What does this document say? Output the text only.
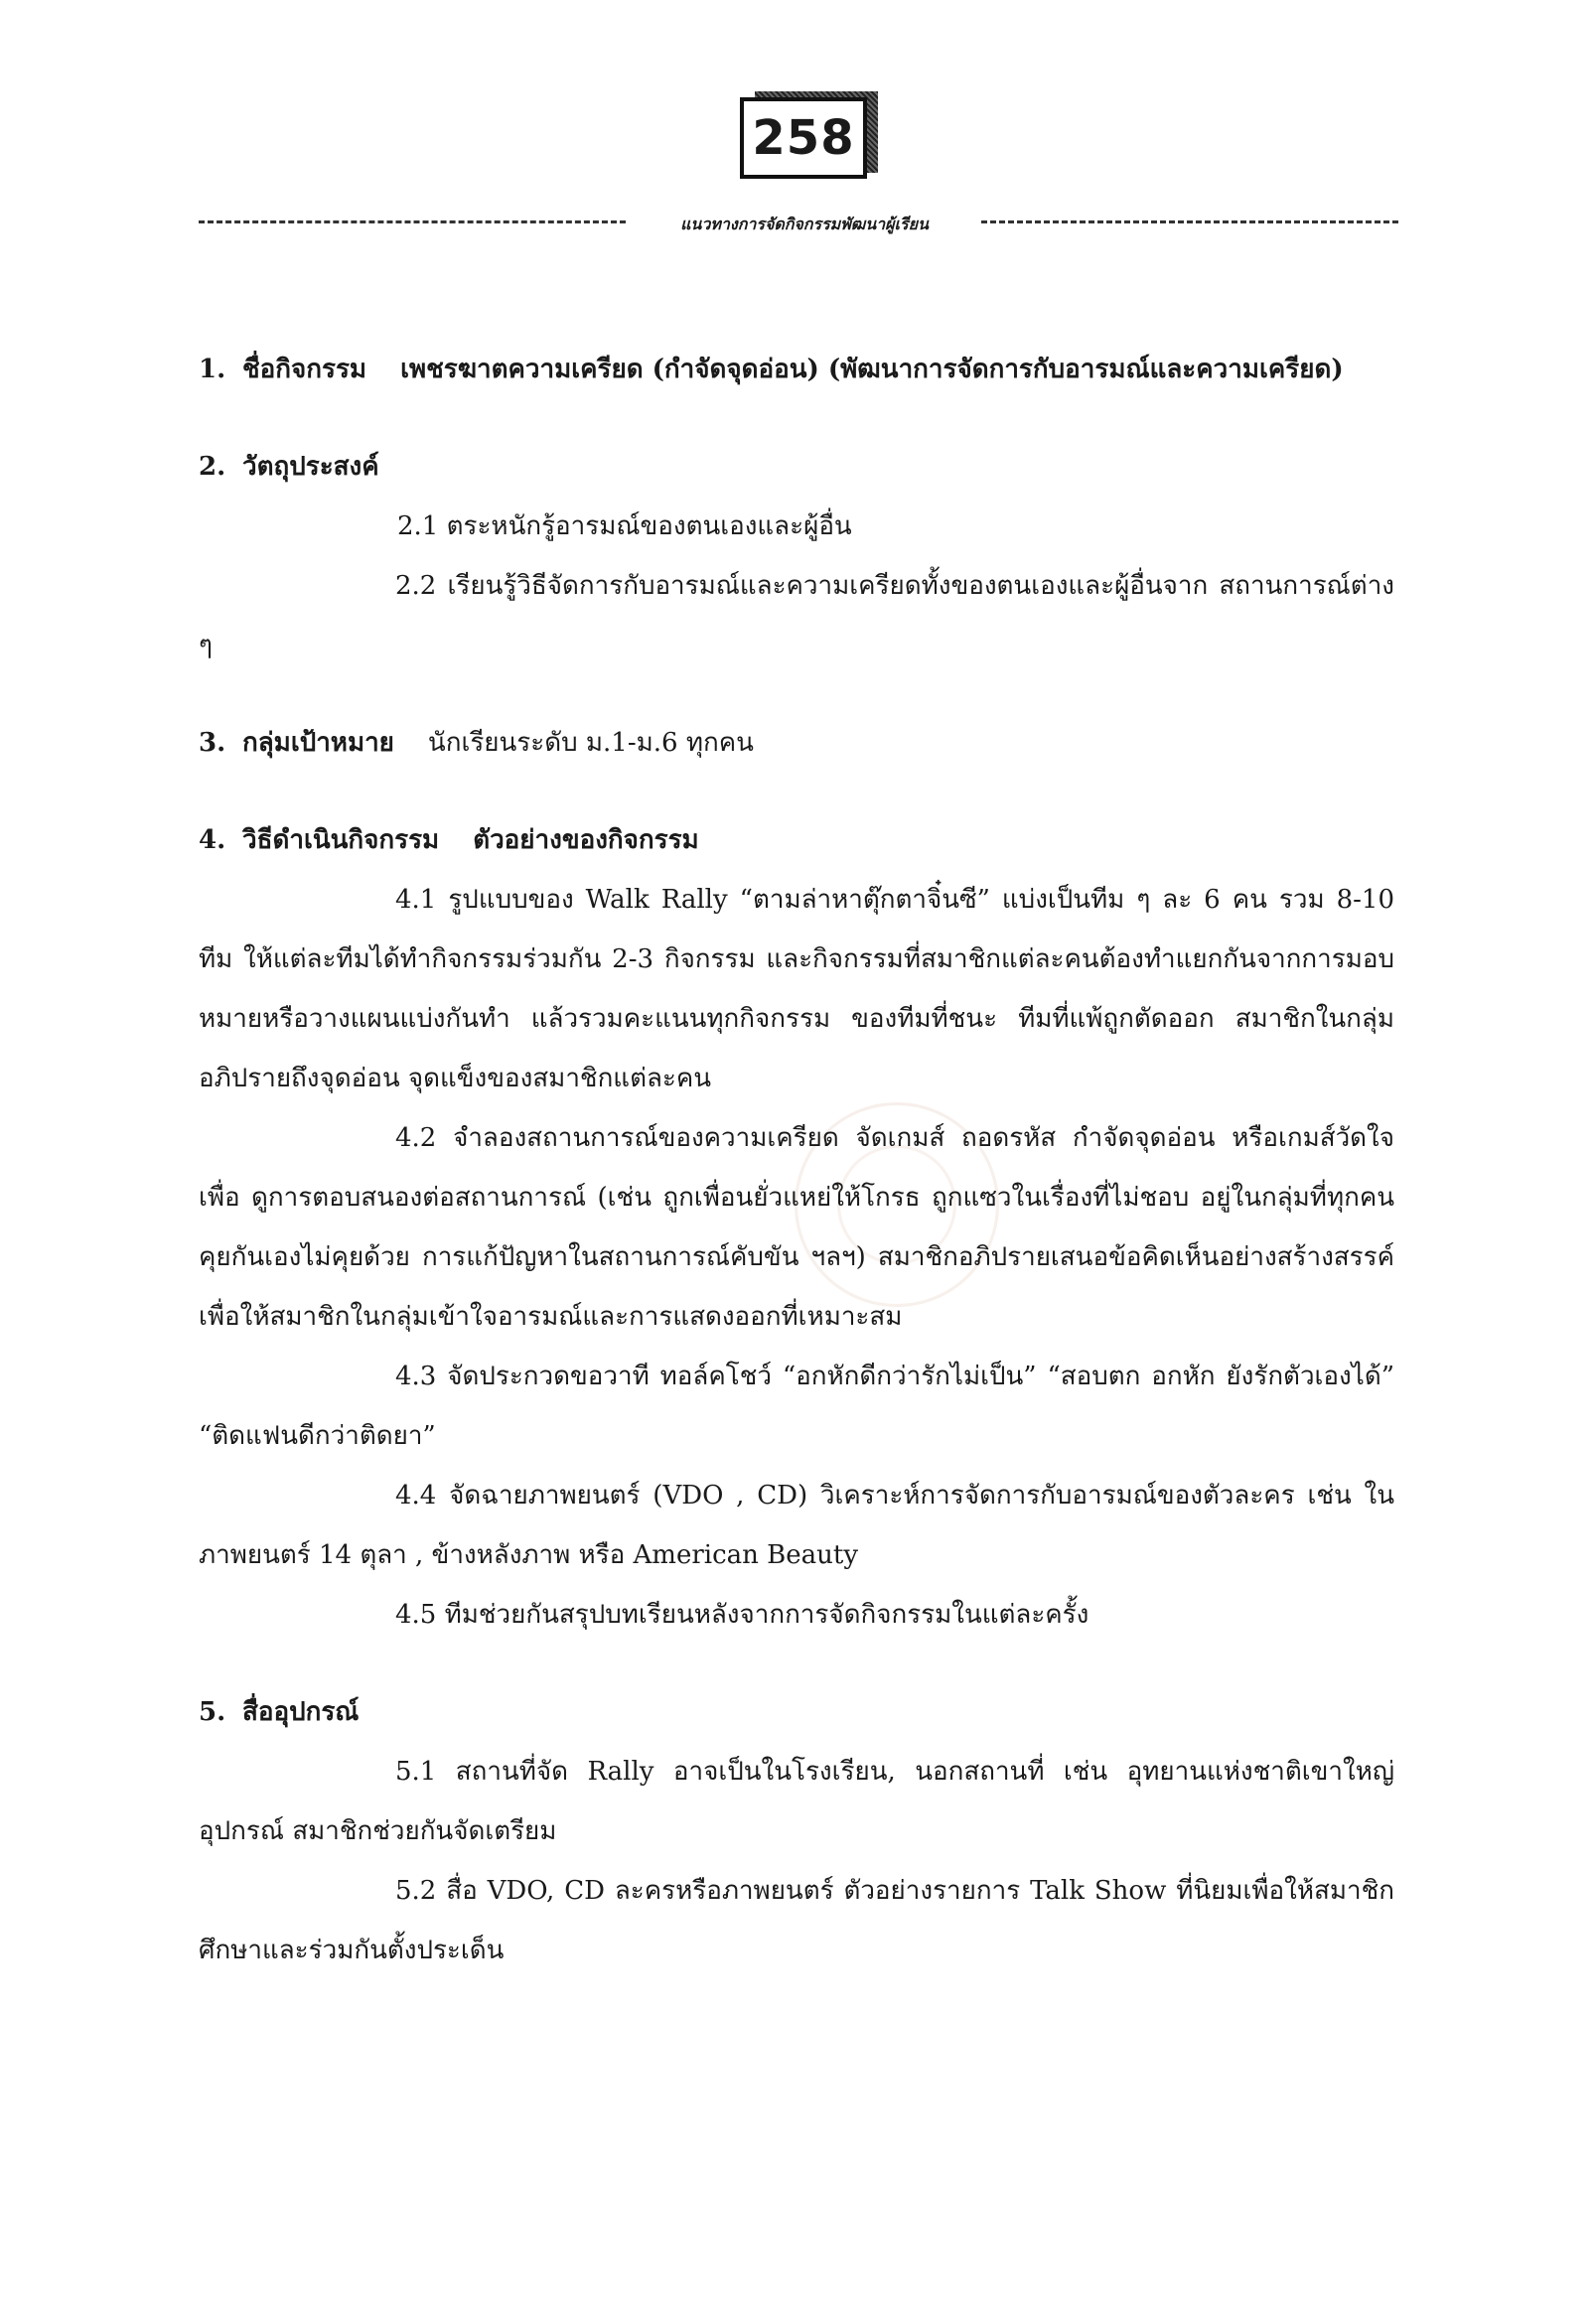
258
แนวทางการจัดกิจกรรมพัฒนาผู้เรียน

1. ชื่อกิจกรรม เพชรฆาตความเครียด (กำจัดจุดอ่อน) (พัฒนาการจัดการกับอารมณ์และความเครียด)

2. วัตถุประสงค์

2.1 ตระหนักรู้อารมณ์ของตนเองและผู้อื่น

2.2 เรียนรู้วิธีจัดการกับอารมณ์และความเครียดทั้งของตนเองและผู้อื่นจาก สถานการณ์ต่าง ๆ

3. กลุ่มเป้าหมาย นักเรียนระดับ ม.1-ม.6 ทุกคน

4. วิธีดำเนินกิจกรรม ตัวอย่างของกิจกรรม

4.1 รูปแบบของ Walk Rally “ตามล่าหาตุ๊กตาจิ๋นซี” แบ่งเป็นทีม ๆ ละ 6 คน รวม 8-10 ทีม ให้แต่ละทีมได้ทำกิจกรรมร่วมกัน 2-3 กิจกรรม และกิจกรรมที่สมาชิกแต่ละคนต้องทำแยกกันจากการมอบหมายหรือวางแผนแบ่งกันทำ แล้วรวมคะแนนทุกกิจกรรม ของทีมที่ชนะ ทีมที่แพ้ถูกตัดออก สมาชิกในกลุ่มอภิปรายถึงจุดอ่อน จุดแข็งของสมาชิกแต่ละคน

4.2 จำลองสถานการณ์ของความเครียด จัดเกมส์ ถอดรหัส กำจัดจุดอ่อน หรือเกมส์วัดใจ เพื่อ ดูการตอบสนองต่อสถานการณ์ (เช่น ถูกเพื่อนยั่วแหย่ให้โกรธ ถูกแซวในเรื่องที่ไม่ชอบ อยู่ในกลุ่มที่ทุกคนคุยกันเองไม่คุยด้วย การแก้ปัญหาในสถานการณ์คับขัน ฯลฯ) สมาชิกอภิปรายเสนอข้อคิดเห็นอย่างสร้างสรรค์ เพื่อให้สมาชิกในกลุ่มเข้าใจอารมณ์และการแสดงออกที่เหมาะสม

4.3 จัดประกวดขอวาที ทอล์คโชว์ “อกหักดีกว่ารักไม่เป็น” “สอบตก อกหัก ยังรักตัวเองได้” “ติดแฟนดีกว่าติดยา”

4.4 จัดฉายภาพยนตร์ (VDO , CD) วิเคราะห์การจัดการกับอารมณ์ของตัวละคร เช่น ในภาพยนตร์ 14 ตุลา , ข้างหลังภาพ หรือ American Beauty

4.5 ทีมช่วยกันสรุปบทเรียนหลังจากการจัดกิจกรรมในแต่ละครั้ง

5. สื่ออุปกรณ์

5.1 สถานที่จัด Rally อาจเป็นในโรงเรียน, นอกสถานที่ เช่น อุทยานแห่งชาติเขาใหญ่ อุปกรณ์ สมาชิกช่วยกันจัดเตรียม

5.2 สื่อ VDO, CD ละครหรือภาพยนตร์ ตัวอย่างรายการ Talk Show ที่นิยมเพื่อให้สมาชิกศึกษาและร่วมกันตั้งประเด็น
